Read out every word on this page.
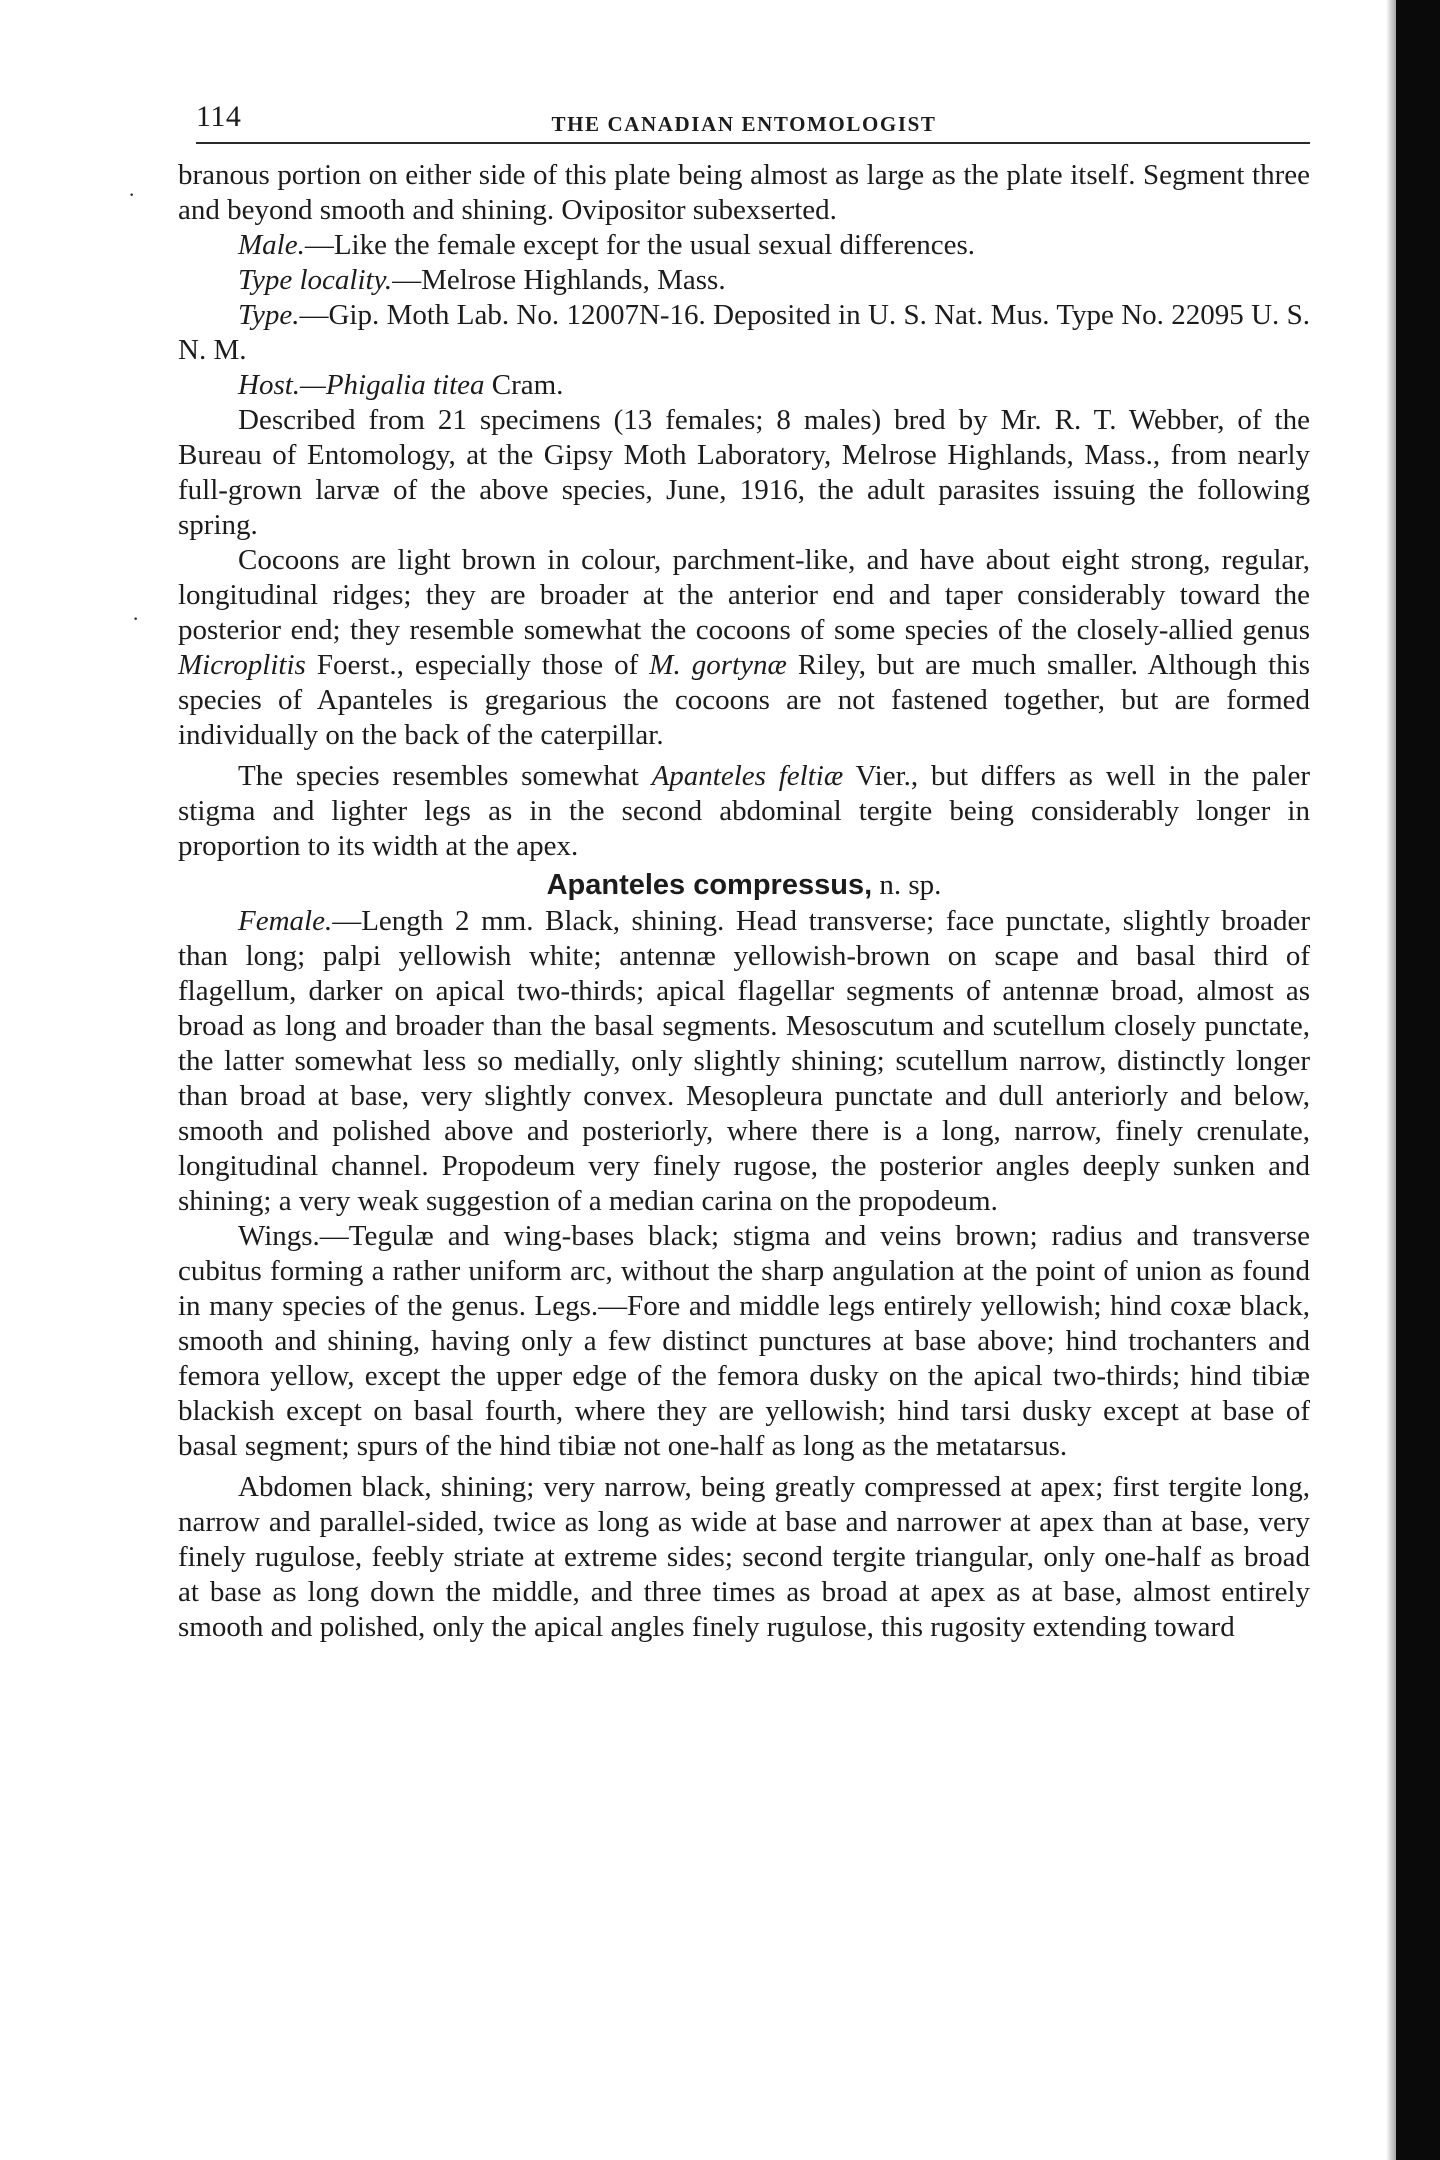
·
·
114	THE CANADIAN ENTOMOLOGIST

branous portion on either side of this plate being almost as large as the plate itself. Segment three and beyond smooth and shining. Ovipositor subexserted.

Male.—Like the female except for the usual sexual differences.

Type locality.—Melrose Highlands, Mass.

Type.—Gip. Moth Lab. No. 12007N-16. Deposited in U. S. Nat. Mus. Type No. 22095 U. S. N. M.

Host.—Phigalia titea Cram.

Described from 21 specimens (13 females; 8 males) bred by Mr. R. T. Webber, of the Bureau of Entomology, at the Gipsy Moth Laboratory, Melrose Highlands, Mass., from nearly full-grown larvæ of the above species, June, 1916, the adult parasites issuing the following spring.

Cocoons are light brown in colour, parchment-like, and have about eight strong, regular, longitudinal ridges; they are broader at the anterior end and taper considerably toward the posterior end; they resemble somewhat the cocoons of some species of the closely-allied genus Microplitis Foerst., especially those of M. gortynæ Riley, but are much smaller. Although this species of Apanteles is gregarious the cocoons are not fastened together, but are formed individually on the back of the caterpillar.

The species resembles somewhat Apanteles feltiæ Vier., but differs as well in the paler stigma and lighter legs as in the second abdominal tergite being considerably longer in proportion to its width at the apex.

Apanteles compressus, n. sp.

Female.—Length 2 mm. Black, shining. Head transverse; face punctate, slightly broader than long; palpi yellowish white; antennæ yellowish-brown on scape and basal third of flagellum, darker on apical two-thirds; apical flagellar segments of antennæ broad, almost as broad as long and broader than the basal segments. Mesoscutum and scutellum closely punctate, the latter somewhat less so medially, only slightly shining; scutellum narrow, distinctly longer than broad at base, very slightly convex. Mesopleura punctate and dull anteriorly and below, smooth and polished above and posteriorly, where there is a long, narrow, finely crenulate, longitudinal channel. Propodeum very finely rugose, the posterior angles deeply sunken and shining; a very weak suggestion of a median carina on the propodeum.

Wings.—Tegulæ and wing-bases black; stigma and veins brown; radius and transverse cubitus forming a rather uniform arc, without the sharp angulation at the point of union as found in many species of the genus. Legs.—Fore and middle legs entirely yellowish; hind coxæ black, smooth and shining, having only a few distinct punctures at base above; hind trochanters and femora yellow, except the upper edge of the femora dusky on the apical two-thirds; hind tibiæ blackish except on basal fourth, where they are yellowish; hind tarsi dusky except at base of basal segment; spurs of the hind tibiæ not one-half as long as the metatarsus.

Abdomen black, shining; very narrow, being greatly compressed at apex; first tergite long, narrow and parallel-sided, twice as long as wide at base and narrower at apex than at base, very finely rugulose, feebly striate at extreme sides; second tergite triangular, only one-half as broad at base as long down the middle, and three times as broad at apex as at base, almost entirely smooth and polished, only the apical angles finely rugulose, this rugosity extending toward
